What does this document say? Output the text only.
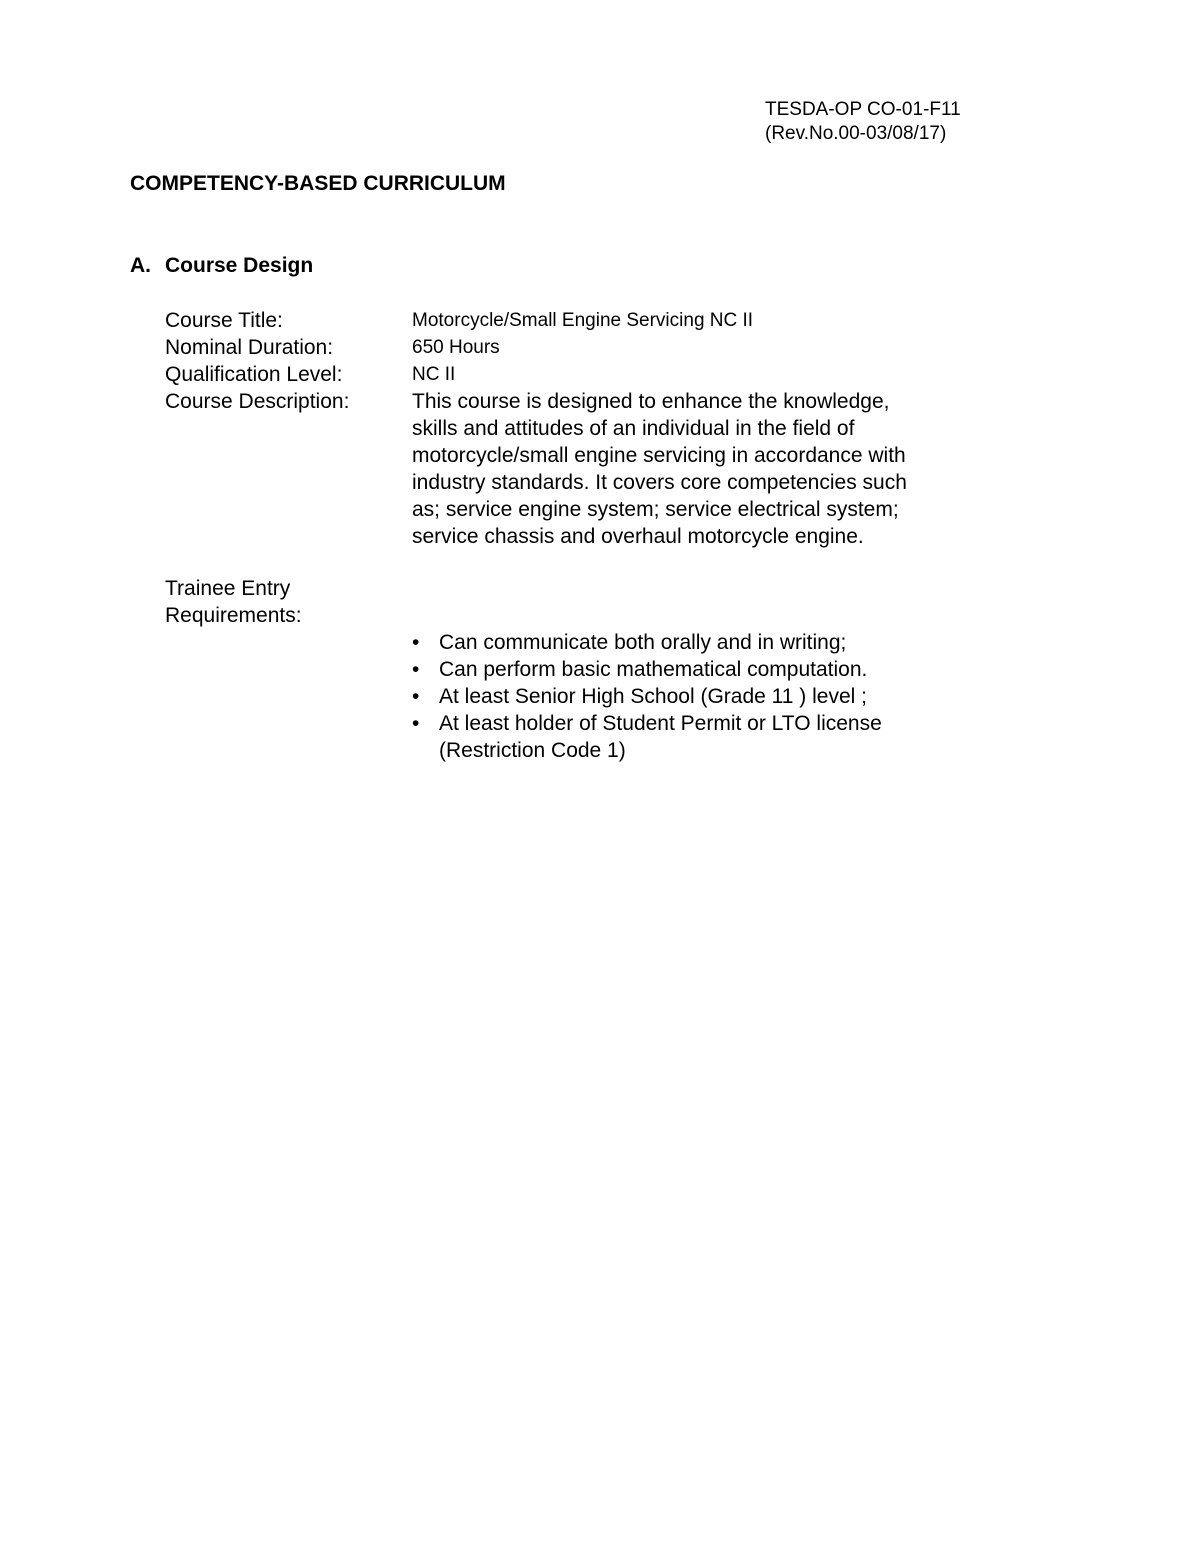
TESDA-OP CO-01-F11
(Rev.No.00-03/08/17)
COMPETENCY-BASED CURRICULUM
A. Course Design
Course Title:	Motorcycle/Small Engine Servicing NC II
Nominal Duration:	650 Hours
Qualification Level:	NC II
Course Description:	This course is designed to enhance the knowledge,
skills and attitudes of an individual in the field of
motorcycle/small engine servicing in accordance with
industry standards. It covers core competencies such
as; service engine system; service electrical system;
service chassis and overhaul motorcycle engine.
Trainee Entry
Requirements:
• Can communicate both orally and in writing;
• Can perform basic mathematical computation.
• At least Senior High School (Grade 11 ) level ;
• At least holder of Student Permit or LTO license
(Restriction Code 1)
